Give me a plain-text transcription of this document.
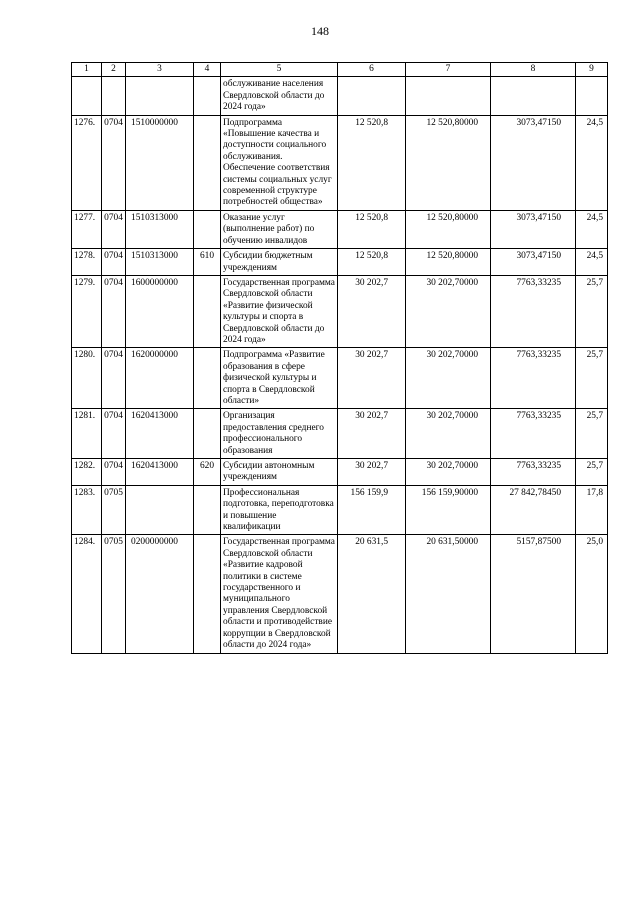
148
1	2	3	4	5	6	7	8	9
				обслуживание населения Свердловской области до 2024 года»				
1276.	0704	1510000000		Подпрограмма «Повышение качества и доступности социального обслуживания. Обеспечение соответствия системы социальных услуг современной структуре потребностей общества»	12 520,8	12 520,80000	3073,47150	24,5
1277.	0704	1510313000		Оказание услуг (выполнение работ) по обучению инвалидов	12 520,8	12 520,80000	3073,47150	24,5
1278.	0704	1510313000	610	Субсидии бюджетным учреждениям	12 520,8	12 520,80000	3073,47150	24,5
1279.	0704	1600000000		Государственная программа Свердловской области «Развитие физической культуры и спорта в Свердловской области до 2024 года»	30 202,7	30 202,70000	7763,33235	25,7
1280.	0704	1620000000		Подпрограмма «Развитие образования в сфере физической культуры и спорта в Свердловской области»	30 202,7	30 202,70000	7763,33235	25,7
1281.	0704	1620413000		Организация предоставления среднего профессионального образования	30 202,7	30 202,70000	7763,33235	25,7
1282.	0704	1620413000	620	Субсидии автономным учреждениям	30 202,7	30 202,70000	7763,33235	25,7
1283.	0705			Профессиональная подготовка, переподготовка и повышение квалификации	156 159,9	156 159,90000	27 842,78450	17,8
1284.	0705	0200000000		Государственная программа Свердловской области «Развитие кадровой политики в системе государственного и муниципального управления Свердловской области и противодействие коррупции в Свердловской области до 2024 года»	20 631,5	20 631,50000	5157,87500	25,0
